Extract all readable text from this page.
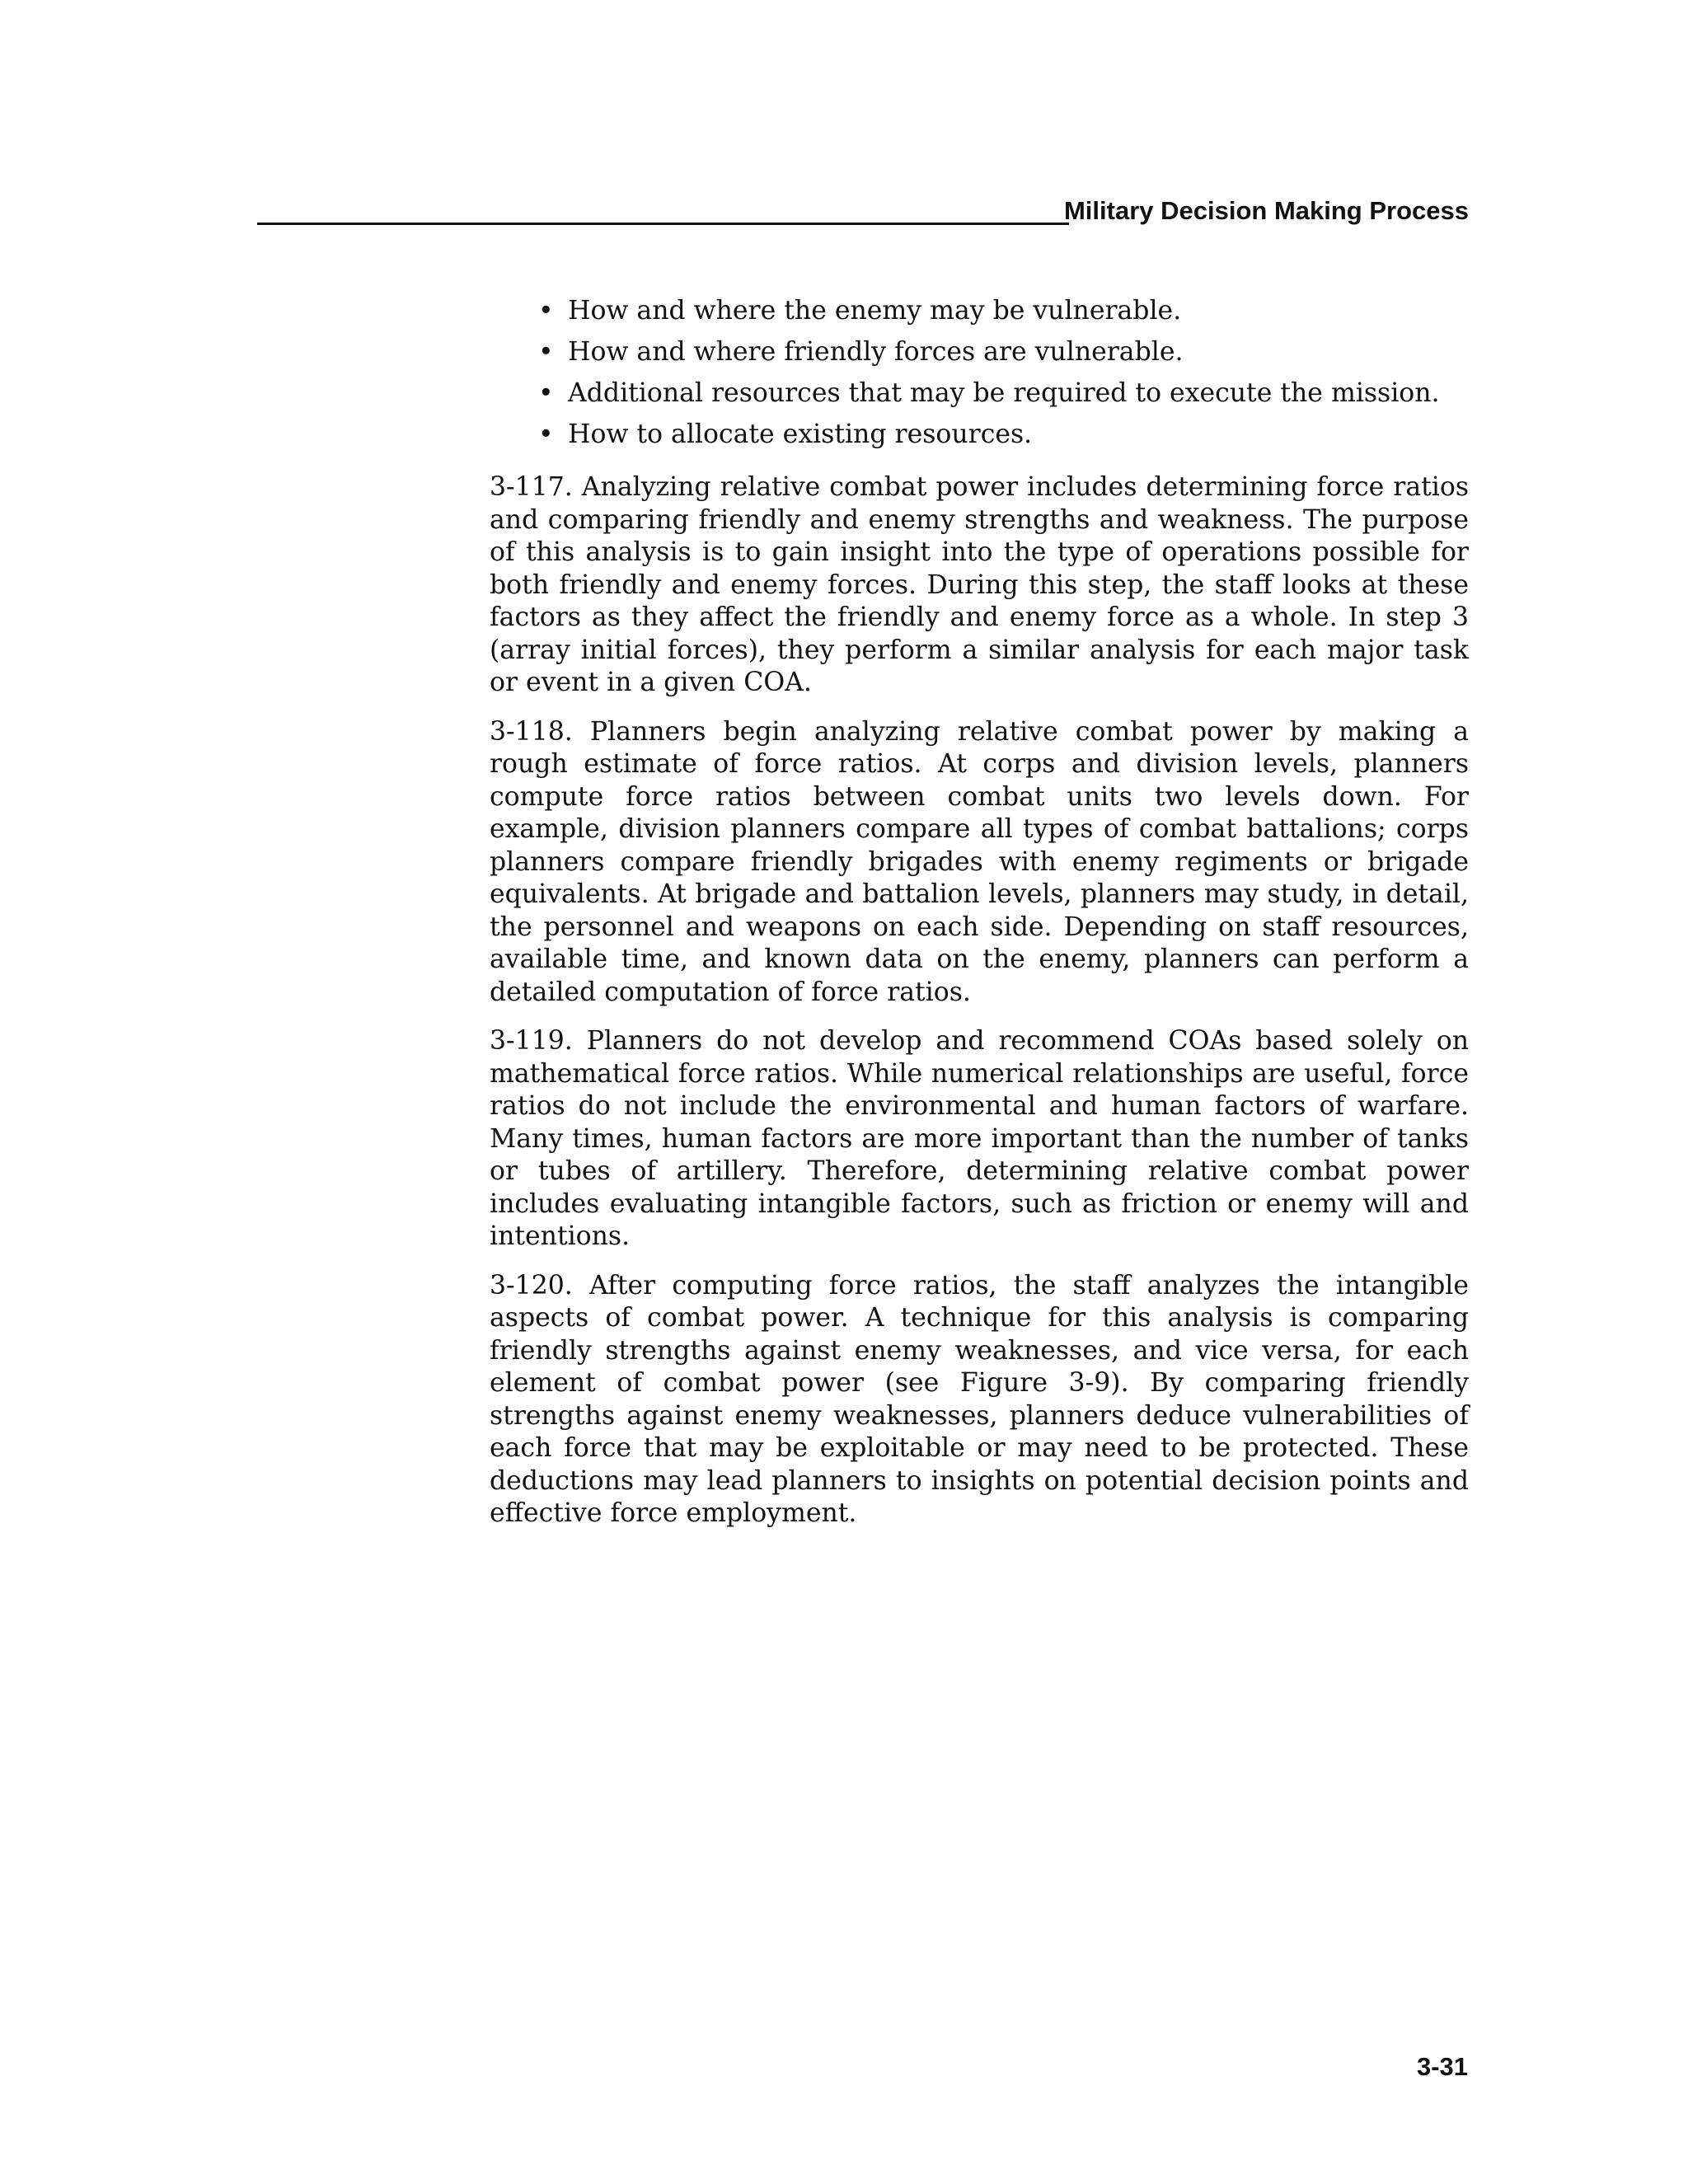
Military Decision Making Process
• How and where the enemy may be vulnerable.
• How and where friendly forces are vulnerable.
• Additional resources that may be required to execute the mission.
• How to allocate existing resources.

3-117. Analyzing relative combat power includes determining force ratios and comparing friendly and enemy strengths and weakness. The purpose of this analysis is to gain insight into the type of operations possible for both friendly and enemy forces. During this step, the staff looks at these factors as they affect the friendly and enemy force as a whole. In step 3 (array initial forces), they perform a similar analysis for each major task or event in a given COA.

3-118. Planners begin analyzing relative combat power by making a rough estimate of force ratios. At corps and division levels, planners compute force ratios between combat units two levels down. For example, division planners compare all types of combat battalions; corps planners compare friendly brigades with enemy regiments or brigade equivalents. At brigade and battalion levels, planners may study, in detail, the personnel and weapons on each side. Depending on staff resources, available time, and known data on the enemy, planners can perform a detailed computation of force ratios.

3-119. Planners do not develop and recommend COAs based solely on mathematical force ratios. While numerical relationships are useful, force ratios do not include the environmental and human factors of warfare. Many times, human factors are more important than the number of tanks or tubes of artillery. Therefore, determining relative combat power includes evaluating intangible factors, such as friction or enemy will and intentions.

3-120. After computing force ratios, the staff analyzes the intangible aspects of combat power. A technique for this analysis is comparing friendly strengths against enemy weaknesses, and vice versa, for each element of combat power (see Figure 3-9). By comparing friendly strengths against enemy weaknesses, planners deduce vulnerabilities of each force that may be exploitable or may need to be protected. These deductions may lead planners to insights on potential decision points and effective force employment.

3-31
